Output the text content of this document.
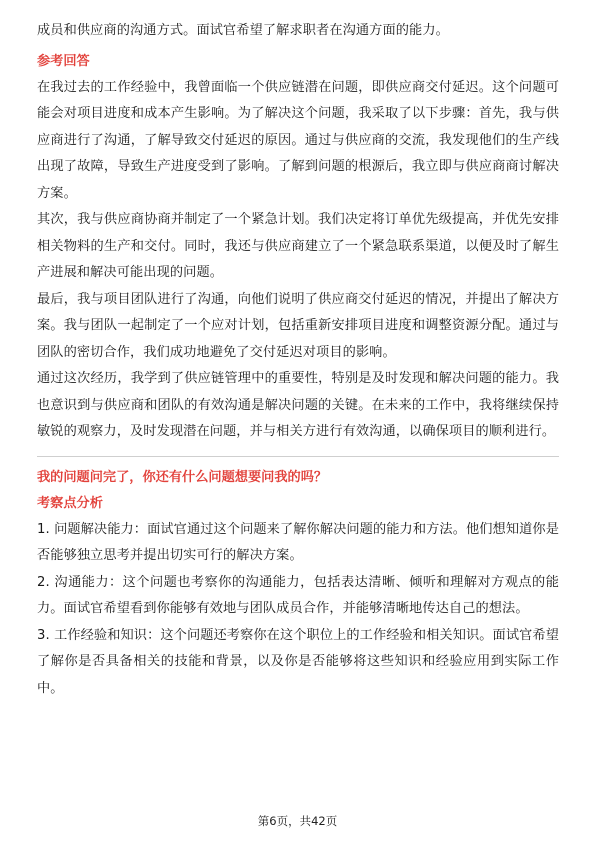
成员和供应商的沟通方式。面试官希望了解求职者在沟通方面的能力。

参考回答

在我过去的工作经验中，我曾面临一个供应链潜在问题，即供应商交付延迟。这个问题可能会对项目进度和成本产生影响。为了解决这个问题，我采取了以下步骤：首先，我与供应商进行了沟通，了解导致交付延迟的原因。通过与供应商的交流，我发现他们的生产线出现了故障，导致生产进度受到了影响。了解到问题的根源后，我立即与供应商商讨解决方案。

其次，我与供应商协商并制定了一个紧急计划。我们决定将订单优先级提高，并优先安排相关物料的生产和交付。同时，我还与供应商建立了一个紧急联系渠道，以便及时了解生产进展和解决可能出现的问题。

最后，我与项目团队进行了沟通，向他们说明了供应商交付延迟的情况，并提出了解决方案。我与团队一起制定了一个应对计划，包括重新安排项目进度和调整资源分配。通过与团队的密切合作，我们成功地避免了交付延迟对项目的影响。

通过这次经历，我学到了供应链管理中的重要性，特别是及时发现和解决问题的能力。我也意识到与供应商和团队的有效沟通是解决问题的关键。在未来的工作中，我将继续保持敏锐的观察力，及时发现潜在问题，并与相关方进行有效沟通，以确保项目的顺利进行。

我的问题问完了，你还有什么问题想要问我的吗？
考察点分析

1. 问题解决能力：面试官通过这个问题来了解你解决问题的能力和方法。他们想知道你是否能够独立思考并提出切实可行的解决方案。

2. 沟通能力：这个问题也考察你的沟通能力，包括表达清晰、倾听和理解对方观点的能力。面试官希望看到你能够有效地与团队成员合作，并能够清晰地传达自己的想法。

3. 工作经验和知识：这个问题还考察你在这个职位上的工作经验和相关知识。面试官希望了解你是否具备相关的技能和背景，以及你是否能够将这些知识和经验应用到实际工作中。

第6页，共42页
